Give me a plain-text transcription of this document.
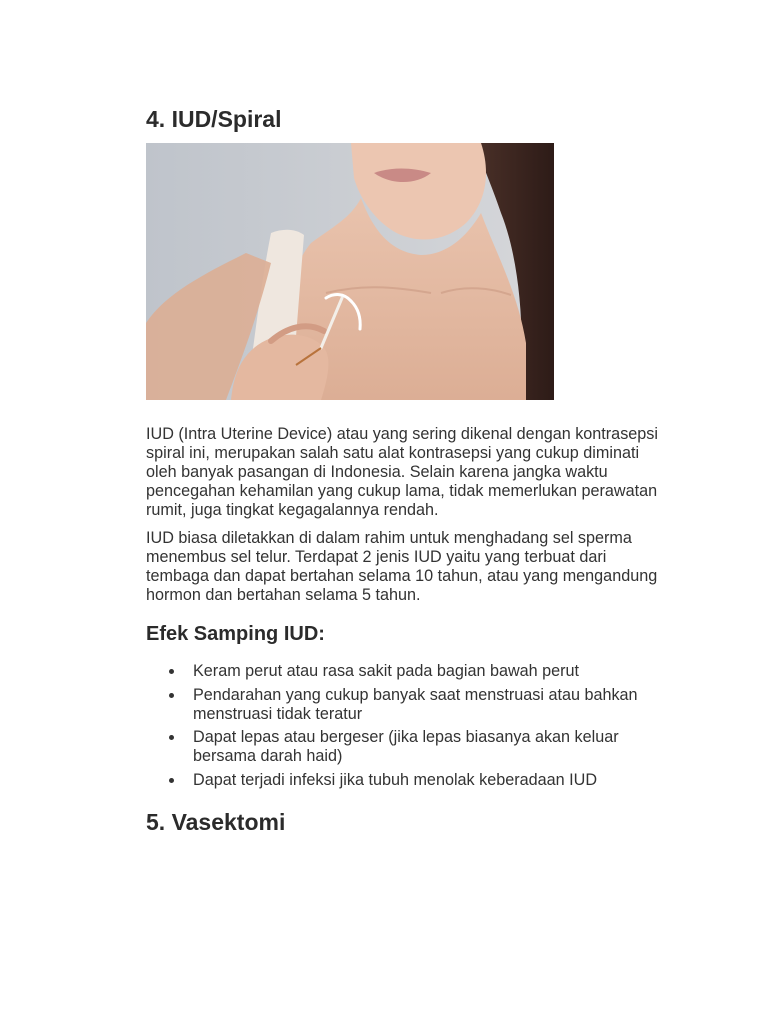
4. IUD/Spiral

IUD (Intra Uterine Device) atau yang sering dikenal dengan kontrasepsi spiral ini, merupakan salah satu alat kontrasepsi yang cukup diminati oleh banyak pasangan di Indonesia. Selain karena jangka waktu pencegahan kehamilan yang cukup lama, tidak memerlukan perawatan rumit, juga tingkat kegagalannya rendah.

IUD biasa diletakkan di dalam rahim untuk menghadang sel sperma menembus sel telur. Terdapat 2 jenis IUD yaitu yang terbuat dari tembaga dan dapat bertahan selama 10 tahun, atau yang mengandung hormon dan bertahan selama 5 tahun.

Efek Samping IUD:
Keram perut atau rasa sakit pada bagian bawah perut
Pendarahan yang cukup banyak saat menstruasi atau bahkan menstruasi tidak teratur
Dapat lepas atau bergeser (jika lepas biasanya akan keluar bersama darah haid)
Dapat terjadi infeksi jika tubuh menolak keberadaan IUD
5. Vasektomi
